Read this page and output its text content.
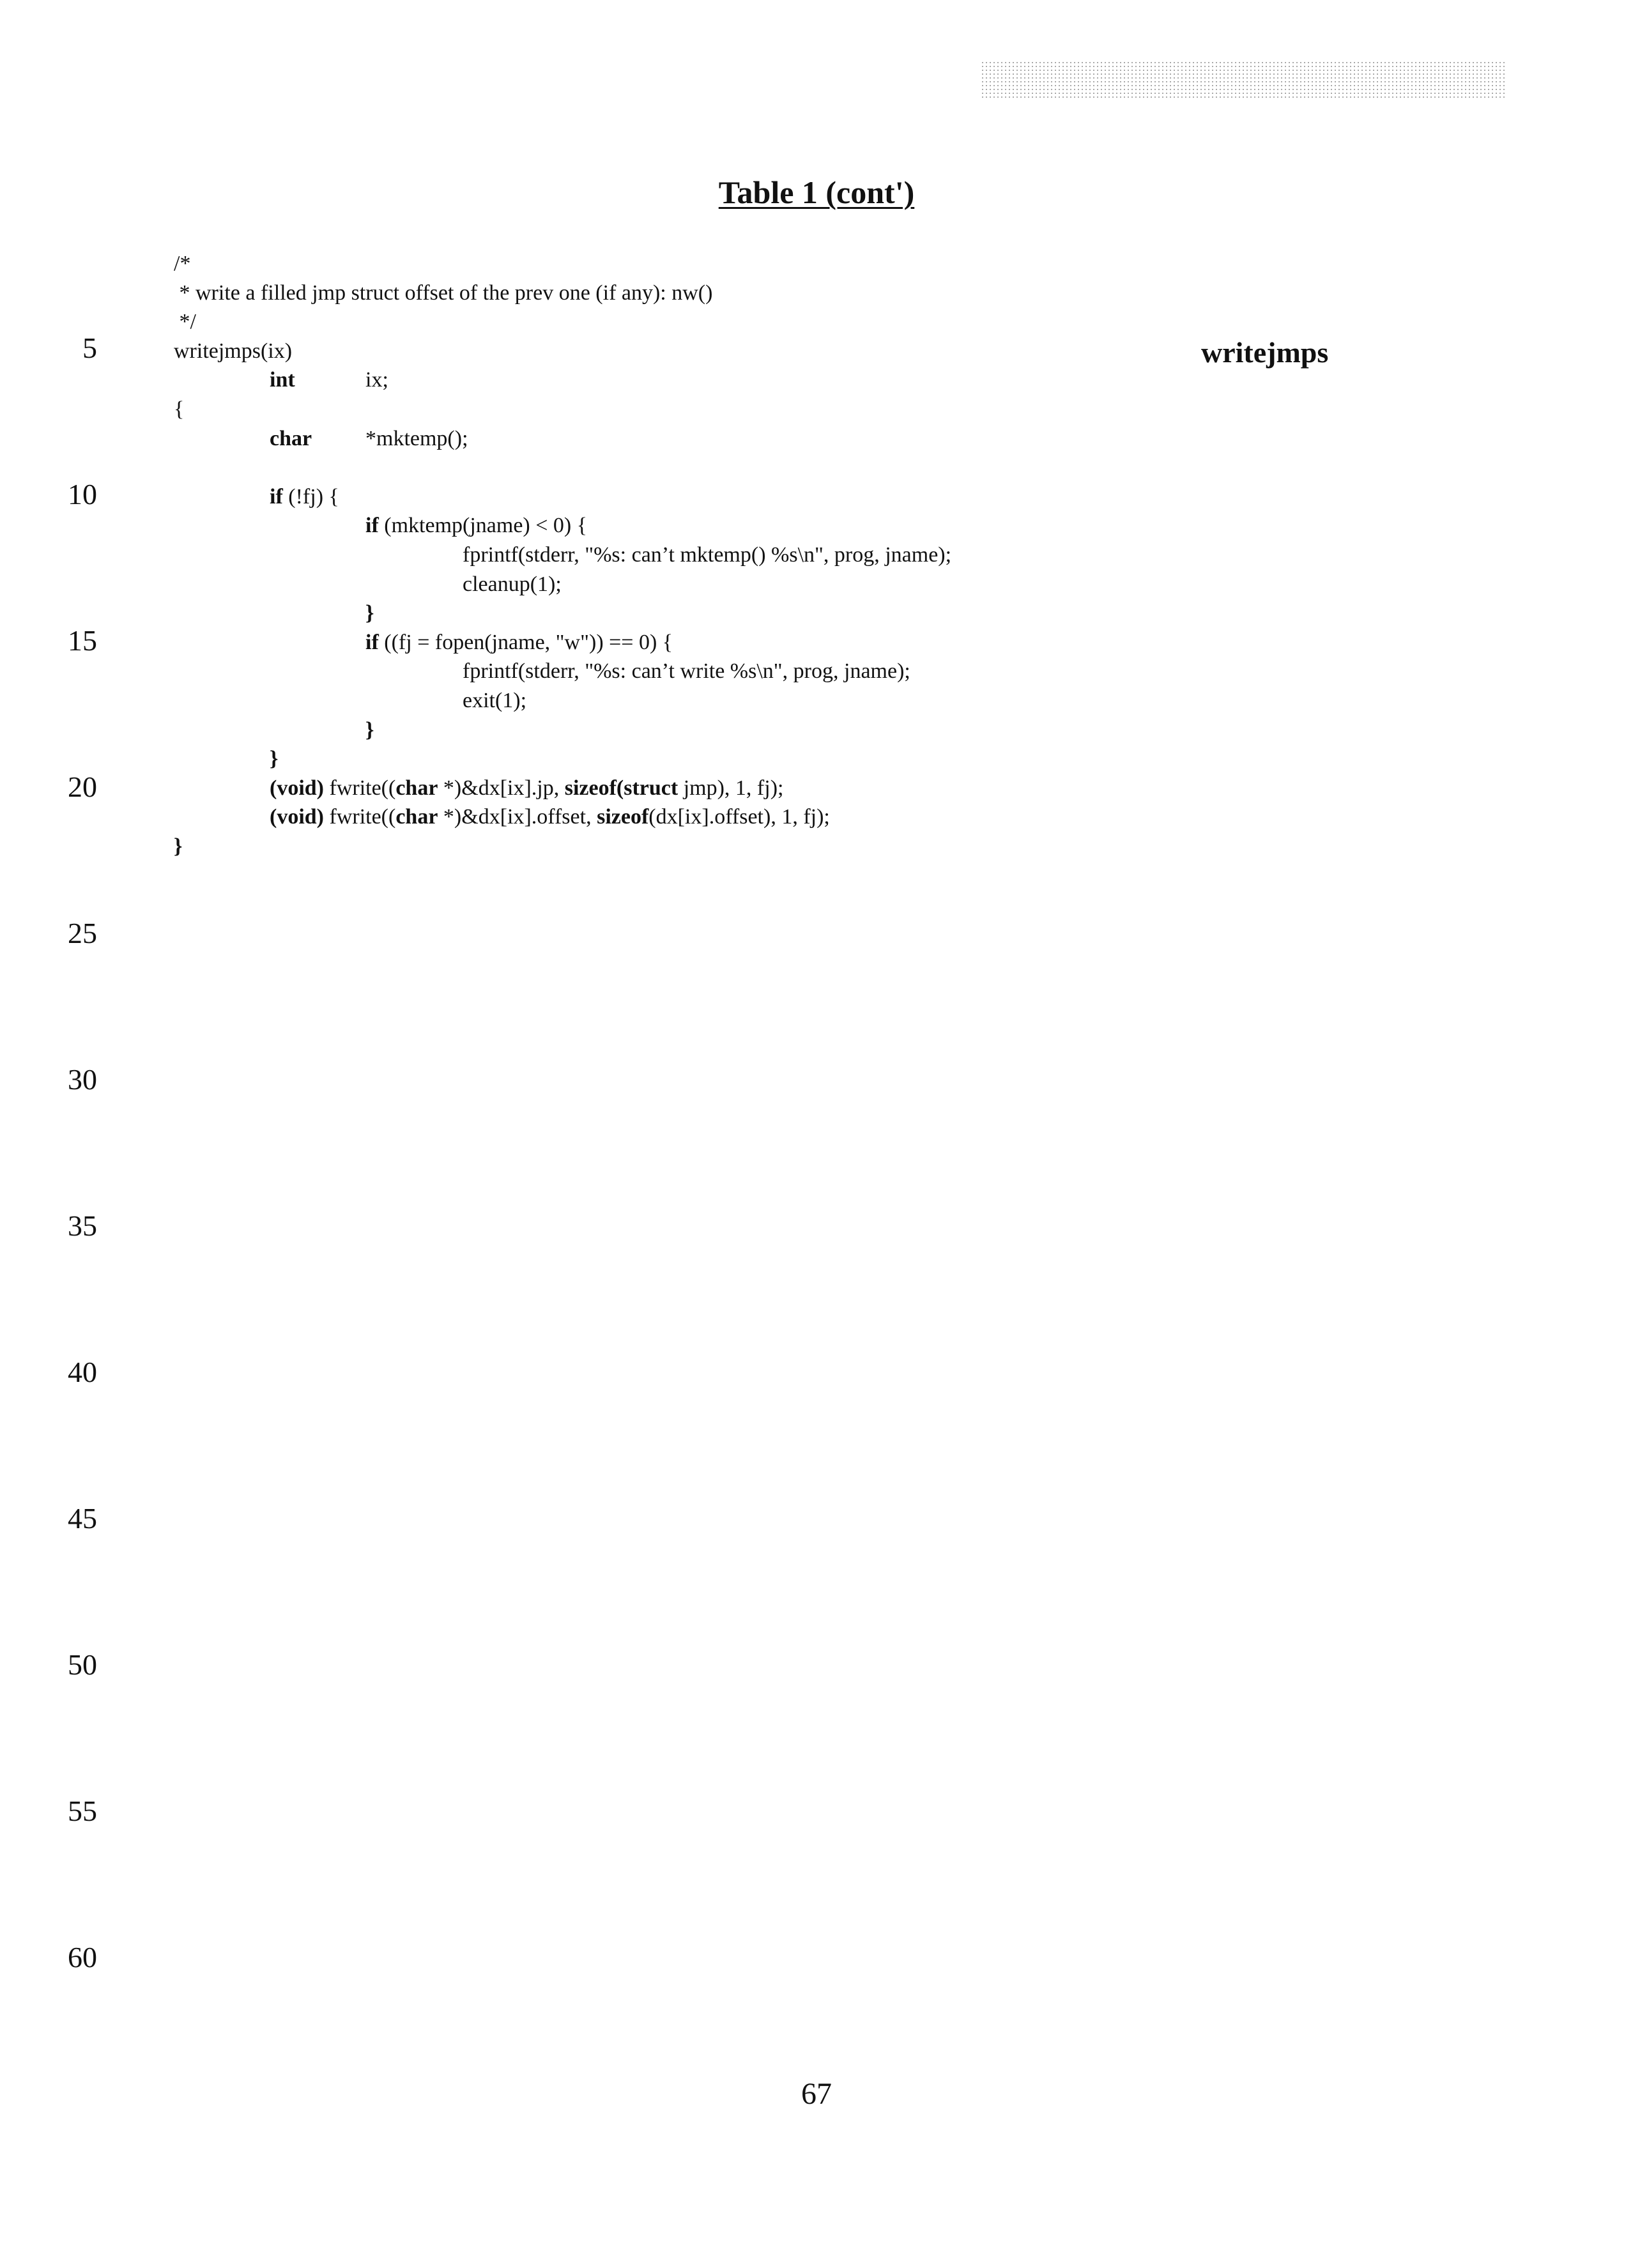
Table 1 (cont')
writejmps
5
10
15
20
25
30
35
40
45
50
55
60
/*
* write a filled jmp struct offset of the prev one (if any): nw()
*/
writejmps(ix)
int	ix;
{
char *mktemp();
if (!fj) {
if (mktemp(jname) < 0) {
fprintf(stderr, "%s: can’t mktemp() %s\n", prog, jname);
cleanup(1);
}
if ((fj = fopen(jname, "w")) == 0) {
fprintf(stderr, "%s: can’t write %s\n", prog, jname);
exit(1);
}
}
(void) fwrite((char *)&dx[ix].jp, sizeof(struct jmp), 1, fj);
(void) fwrite((char *)&dx[ix].offset, sizeof(dx[ix].offset), 1, fj);
}
67
